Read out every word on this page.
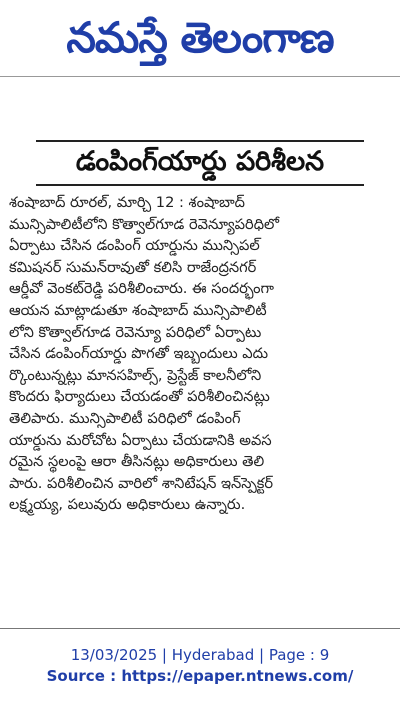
నమస్తే తెలంగాణ
డంపింగ్‌యార్డు పరిశీలన
శంషాబాద్ రూరల్, మార్చి 12 : శంషాబాద్
మున్సిపాలిటీలోని కొత్వాల్‌గూడ రెవెన్యూపరిధిలో
ఏర్పాటు చేసిన డంపింగ్ యార్డును మున్సిపల్
కమిషనర్ సుమన్‌రావుతో కలిసి రాజేంద్రనగర్
ఆర్డీవో వెంకట్‌రెడ్డి పరిశీలించారు. ఈ సందర్భంగా
ఆయన మాట్లాడుతూ శంషాబాద్ మున్సిపాలిటీ
లోని కొత్వాల్‌గూడ రెవెన్యూ పరిధిలో ఏర్పాటు
చేసిన డంపింగ్‌యార్డు పొగతో ఇబ్బందులు ఎదు
ర్కొంటున్నట్లు మానసహిల్స్, ప్రెస్టేజ్ కాలనీలోని
కొందరు ఫిర్యాదులు చేయడంతో పరిశీలించినట్లు
తెలిపారు. మున్సిపాలిటీ పరిధిలో డంపింగ్
యార్డును మరోచోట ఏర్పాటు చేయడానికి అవస
రమైన స్థలంపై ఆరా తీసినట్లు అధికారులు తెలి
పారు. పరిశీలించిన వారిలో శానిటేషన్ ఇన్‌స్పెక్టర్
లక్ష్మయ్య, పలువురు అధికారులు ఉన్నారు.
13/03/2025 | Hyderabad | Page : 9
Source : https://epaper.ntnews.com/
